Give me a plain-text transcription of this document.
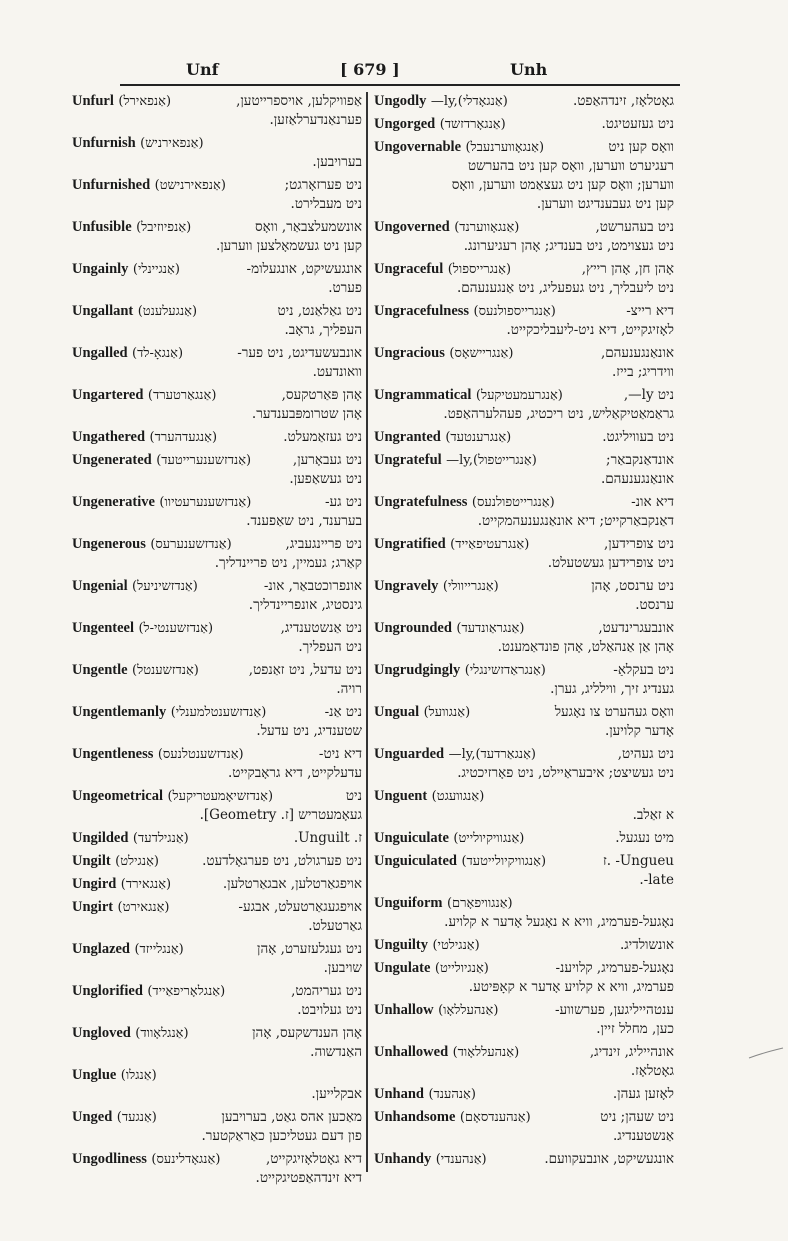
Unf	[ 679 ]	Unh
Unfurl (אַנפאירל)	אַפוויקלען, אויספרייטען,
פערנאַנדערלאַזען.
Unfurnish (אַנפאירניש)
בערויבען.
Unfurnished (אַנפאירנישט)	ניט פערזאָרגט;
ניט מעבלירט.
Unfusible (אַנפיוזיבל)	אונשמעלצבאַר, וואָס
קען ניט געשמאָלצען ווערען.
Ungainly (אַנגיינלי)	אונגעשיקט, אונגעלומ-
פערט.
Ungallant (אַנגעלענט)	ניט גאַלאַנט, ניט
העפליך, גראָב.
Ungalled (אַנגאָ-לד)	אונבעשעדיגט, ניט פער-
וואונדעט.
Ungartered (אַנגאַרטערד)	אָהן פּאַרטקעס,
אָהן שטרומפּבענדער.
Ungathered (אַנגעדהערד)	ניט געזאַמעלט.
Ungenerated (אַנדזשענערייטעד)	ניט געבאָרען,
ניט געשאַפען.
Ungenerative (אַנדזשענערעטיוו)	ניט גע-
בערענד, ניט שאַפענד.
Ungenerous (אַנדזשענערעס)	ניט פריינגעביג,
קאַרג; געמיין, ניט פריינדליך.
Ungenial (אַנדזשיניעל)	אונפרוכטבאַר, אונ-
גינסטיג, אונפריינדליך.
Ungenteel (אַנדזשענטי-ל)	ניט אַנשטענדיג,
ניט העפליך.
Ungentle (אַנדזשענטל)	ניט עדעל, ניט זאַנפט,
רויה.
Ungentlemanly (אַנדזשענטלמענלי)	ניט אַנ-
שטענדיג, ניט עדעל.
Ungentleness (אַנדזשענטלנעס)	דיא ניט-
עדעלקייט, דיא גראָבקייט.
Ungeometrical (אַנדזשיאָמעטריקעל)	ניט
געאָמעטריש [ז. Geometry].
Ungilded (אַנגילדעד)	ז. Unguilt.
Ungilt (אַנגילט)	ניט פערגולט, ניט פערגאָלדעט.
Ungird (אַנגאירד)	אויפגאַרטלען, אבגאַרטלען.
Ungirt (אַנגאירט)	אויפגעגאַרטעלט, אבגע-
גאַרטעלט.
Unglazed (אַנגלייזד)	ניט געגלעזערט, אָהן
שויבען.
Unglorified (אַנגלאָריפאַייד)	ניט געריהמט,
ניט געלויבט.
Ungloved (אַנגלאָווד)	אָהן הענדשקעס, אָהן
האַנדשוה.
Unglue (אַנגלו)
אבקלייען.
Unged (אַנגעד)	מאַכען אהס גאַט, בערויבען
פון דעם געטליכען כאַראַקטער.
Ungodliness (אַנגאָדלינעס)	דיא גאָטלאָזיגקייט,
דיא זינדהאַפטיגקייט.
Ungodly —ly,(אַנגאָדלי)	גאָטלאָז, זינדהאַפט.
Ungorged (אַנגאָרדזשד)	ניט געזעטיגט.
Ungovernable (אַנגאָווערנעבל)	וואָס קען ניט
רעגיערט ווערען, וואָס קען ניט בהערשט
ווערען; וואָס קען ניט געצאַמט ווערען, וואָס
קען ניט געבענדיגט ווערען.
Ungoverned (אַנגאָווערנד)	ניט בעהערשט,
ניט געצוימט, ניט בענדיג; אָהן רעגיערונג.
Ungraceful (אַנגרייספול)	אָהן חן, אָהן רייץ,
ניט ליעבליך, ניט געפעליג, ניט אַנגענעהם.
Ungracefulness (אַנגרייספולנעס)	דיא רייצ-
לאָזיגקייט, דיא ניט-ליעבליכקייט.
Ungracious (אַנגריישאָס)	אונאַנגענעהם,
ווידריג; בייז.
Ungrammatical (אַנגרעמעטיקעל)	ניט ly—,
גראַמאַטיקאַליש, ניט ריכטיג, פעהלערהאַפט.
Ungranted (אַנגרענטעד)	ניט בעוויליגט.
Ungrateful —ly,(אַנגרייטפול)	אונדאַנקבאַר;
אונאַנגענעהם.
Ungratefulness (אַנגרייטפולנעס)	דיא אונ-
דאַנקבאַרקייט; דיא אונאַנגענעהמקייט.
Ungratified (אַנגרעטיפאַייד)	ניט צופרידען,
ניט צופרידען געשטעלט.
Ungravely (אַנגרייוולי)	ניט ערנסט, אָהן
ערנסט.
Ungrounded (אַנגראַונדעד)	אונבעגרינדעט,
אָהן אַן אַנהאַלט, אָהן פונדאַמענט.
Ungrudgingly (אַנגראַדזשינגלי)	ניט בעקלאַ-
גענדיג זיך, ווילליג, גערן.
Ungual (אַנגוועל)	וואָס געהערט צו נאָגעל
אָדער קלויען.
Unguarded —ly,(אַנגאַרדעד)	ניט געהיט,
ניט געשיצט; איבעראַיילט, ניט פאָרזיכטיג.
Unguent (אַנגוועגט)
א זאַלב.
Unguiculate (אַנגוויקיולייט)	מיט נעגעל.
Unguiculated (אַנגוויקיולייטעד)	Ungueu- .ז
late-.
Unguiform (אַנגוויפאָרם)
נאָגעל-פערמיג, וויא א נאָגעל אָדער א קלויע.
Unguilty (אַנגילטי)	אונשולדיג.
Ungulate (אַנגיולייט)	נאָגעל-פערמיג, קלויענ-
פערמיג, וויא א קלויע אָדער א קאָפּיטע.
Unhallow (אַנהעללאָו)	ענטהייליגען, פערשווע-
כען, מחלל זיין.
Unhallowed (אַנהעללאָוד)	אונהייליג, זינדיג,
גאָטלאָז.
Unhand (אַנהענד)	לאָזען געהן.
Unhandsome (אַנהענדסאָם)	ניט שעהן; ניט
אַנשטענדיג.
Unhandy (אַנהענדי)	אונגעשיקט, אונבעקוועם.
